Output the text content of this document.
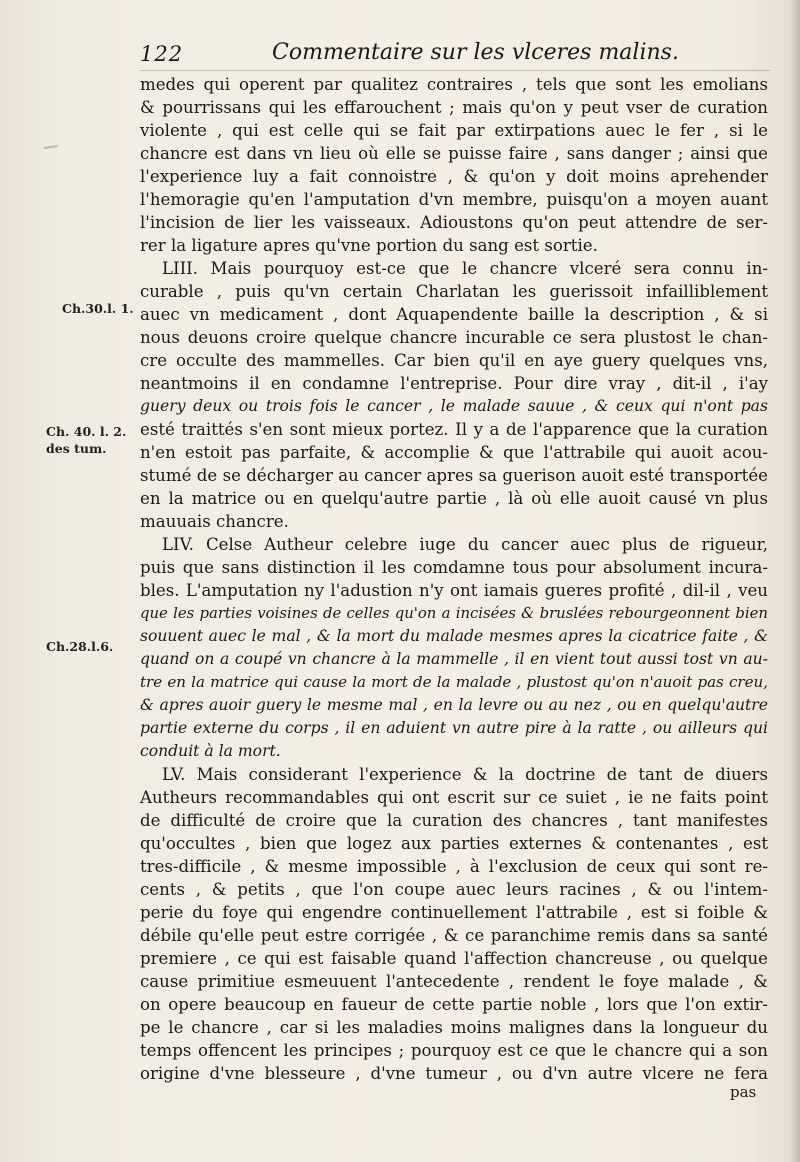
122	Commentaire sur les vlceres malins.
Ch.30.l. 1.
Ch. 40. l. 2.
des tum.
Ch.28.l.6.
medes qui operent par qualitez contraires , tels que sont les emolians
& pourrissans qui les effarouchent ; mais qu'on y peut vser de curation
violente , qui est celle qui se fait par extirpations auec le fer , si le
chancre est dans vn lieu où elle se puisse faire , sans danger ; ainsi que
l'experience luy a fait connoistre , & qu'on y doit moins aprehender
l'hemoragie qu'en l'amputation d'vn membre, puisqu'on a moyen auant
l'incision de lier les vaisseaux. Adioustons qu'on peut attendre de ser-
rer la ligature apres qu'vne portion du sang est sortie.
LIII. Mais pourquoy est-ce que le chancre vlceré sera connu in-
curable , puis qu'vn certain Charlatan les guerissoit infailliblement
auec vn medicament , dont Aquapendente baille la description , & si
nous deuons croire quelque chancre incurable ce sera plustost le chan-
cre occulte des mammelles. Car bien qu'il en aye guery quelques vns,
neantmoins il en condamne l'entreprise. Pour dire vray , dit-il , i'ay
guery deux ou trois fois le cancer , le malade sauue , & ceux qui n'ont pas
esté traittés s'en sont mieux portez. Il y a de l'apparence que la curation
n'en estoit pas parfaite, & accomplie & que l'attrabile qui auoit acou-
stumé de se décharger au cancer apres sa guerison auoit esté transportée
en la matrice ou en quelqu'autre partie , là où elle auoit causé vn plus
mauuais chancre.
LIV. Celse Autheur celebre iuge du cancer auec plus de rigueur,
puis que sans distinction il les comdamne tous pour absolument incura-
bles. L'amputation ny l'adustion n'y ont iamais gueres profité , dil-il , veu
que les parties voisines de celles qu'on a incisées & bruslées rebourgeonnent bien
souuent auec le mal , & la mort du malade mesmes apres la cicatrice faite , &
quand on a coupé vn chancre à la mammelle , il en vient tout aussi tost vn au-
tre en la matrice qui cause la mort de la malade , plustost qu'on n'auoit pas creu,
& apres auoir guery le mesme mal , en la levre ou au nez , ou en quelqu'autre
partie externe du corps , il en aduient vn autre pire à la ratte , ou ailleurs qui
conduit à la mort.
LV. Mais considerant l'experience & la doctrine de tant de diuers
Autheurs recommandables qui ont escrit sur ce suiet , ie ne faits point
de difficulté de croire que la curation des chancres , tant manifestes
qu'occultes , bien que logez aux parties externes & contenantes , est
tres-difficile , & mesme impossible , à l'exclusion de ceux qui sont re-
cents , & petits , que l'on coupe auec leurs racines , & ou l'intem-
perie du foye qui engendre continuellement l'attrabile , est si foible &
débile qu'elle peut estre corrigée , & ce paranchime remis dans sa santé
premiere , ce qui est faisable quand l'affection chancreuse , ou quelque
cause primitiue esmeuuent l'antecedente , rendent le foye malade , &
on opere beaucoup en faueur de cette partie noble , lors que l'on extir-
pe le chancre , car si les maladies moins malignes dans la longueur du
temps offencent les principes ; pourquoy est ce que le chancre qui a son
origine d'vne blesseure , d'vne tumeur , ou d'vn autre vlcere ne fera
pas
